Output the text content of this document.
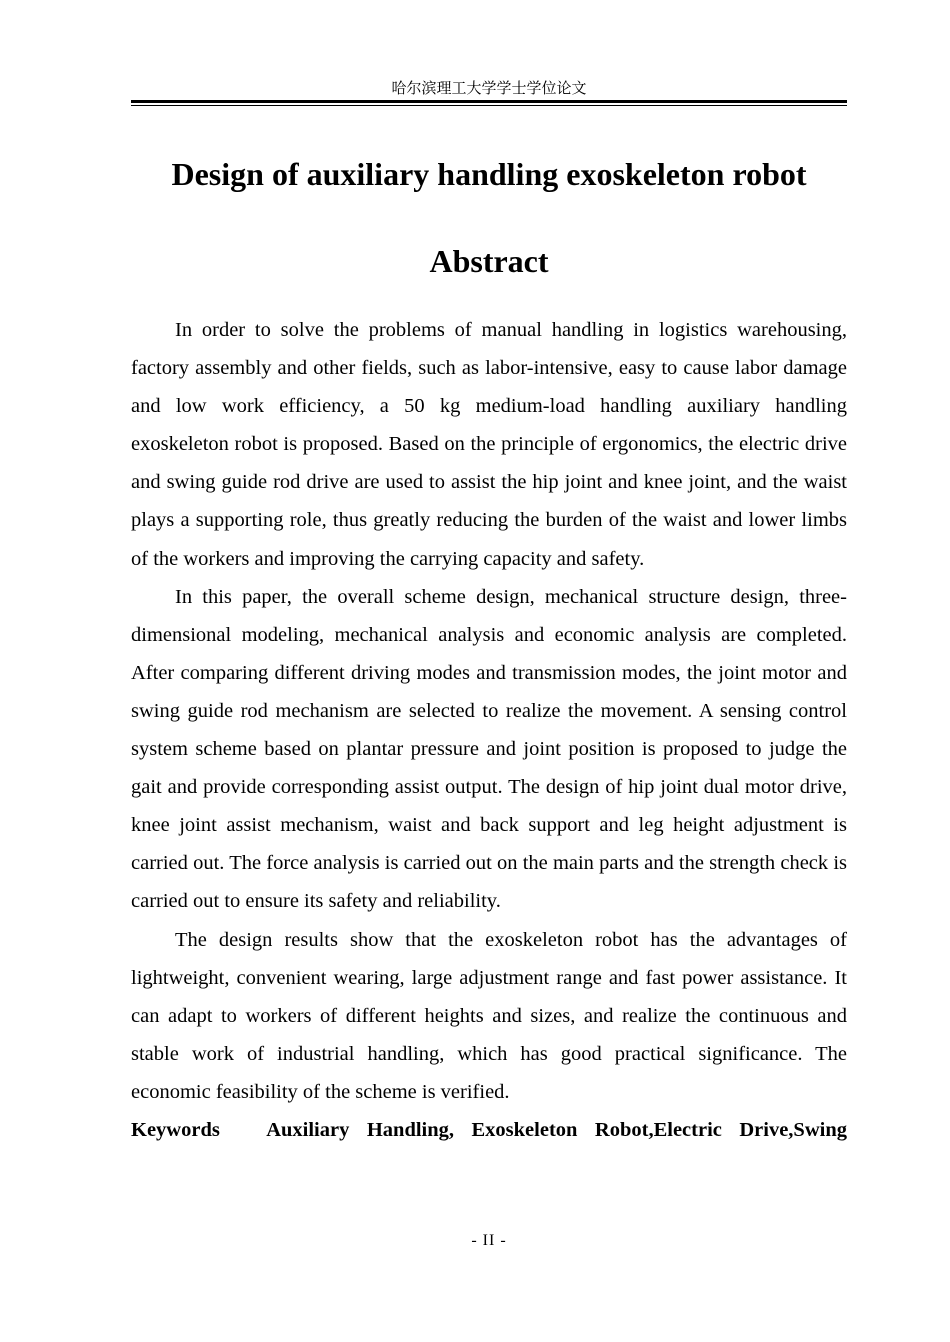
哈尔滨理工大学学士学位论文
Design of auxiliary handling exoskeleton robot
Abstract

In order to solve the problems of manual handling in logistics warehousing, factory assembly and other fields, such as labor-intensive, easy to cause labor damage and low work efficiency, a 50 kg medium-load handling auxiliary handling exoskeleton robot is proposed. Based on the principle of ergonomics, the electric drive and swing guide rod drive are used to assist the hip joint and knee joint, and the waist plays a supporting role, thus greatly reducing the burden of the waist and lower limbs of the workers and improving the carrying capacity and safety.

In this paper, the overall scheme design, mechanical structure design, three-dimensional modeling, mechanical analysis and economic analysis are completed. After comparing different driving modes and transmission modes, the joint motor and swing guide rod mechanism are selected to realize the movement. A sensing control system scheme based on plantar pressure and joint position is proposed to judge the gait and provide corresponding assist output. The design of hip joint dual motor drive, knee joint assist mechanism, waist and back support and leg height adjustment is carried out. The force analysis is carried out on the main parts and the strength check is carried out to ensure its safety and reliability.

The design results show that the exoskeleton robot has the advantages of lightweight, convenient wearing, large adjustment range and fast power assistance. It can adapt to workers of different heights and sizes, and realize the continuous and stable work of industrial handling, which has good practical significance. The economic feasibility of the scheme is verified.

Keywords Auxiliary Handling, Exoskeleton Robot,Electric Drive,Swing
- II -
